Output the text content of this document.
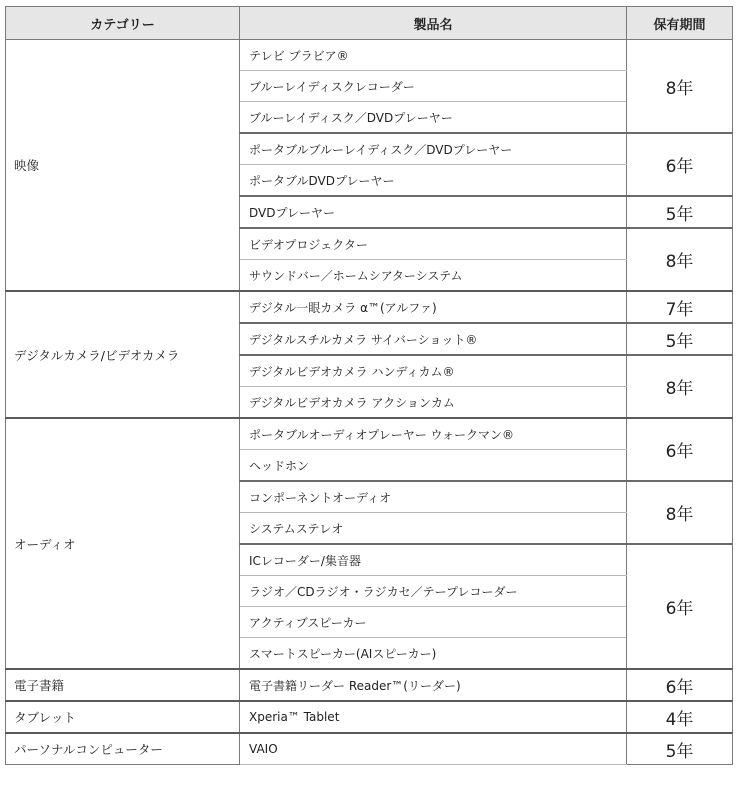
カテゴリー	製品名	保有期間
映像	テレビ ブラビア®	8年
	ブルーレイディスクレコーダー	
	ブルーレイディスク／DVDプレーヤー	
	ポータブルブルーレイディスク／DVDプレーヤー	6年
	ポータブルDVDプレーヤー	
	DVDプレーヤー	5年
	ビデオプロジェクター	8年
	サウンドバー／ホームシアターシステム	
デジタルカメラ/ビデオカメラ	デジタル一眼カメラ α™(アルファ)	7年
	デジタルスチルカメラ サイバーショット®	5年
	デジタルビデオカメラ ハンディカム®	8年
	デジタルビデオカメラ アクションカム	
オーディオ	ポータブルオーディオプレーヤー ウォークマン®	6年
	ヘッドホン	
	コンポーネントオーディオ	8年
	システムステレオ	
	ICレコーダー/集音器	6年
	ラジオ／CDラジオ・ラジカセ／テープレコーダー	
	アクティブスピーカー	
	スマートスピーカー(AIスピーカー)	
電子書籍	電子書籍リーダー Reader™(リーダー)	6年
タブレット	Xperia™ Tablet	4年
パーソナルコンピューター	VAIO	5年
